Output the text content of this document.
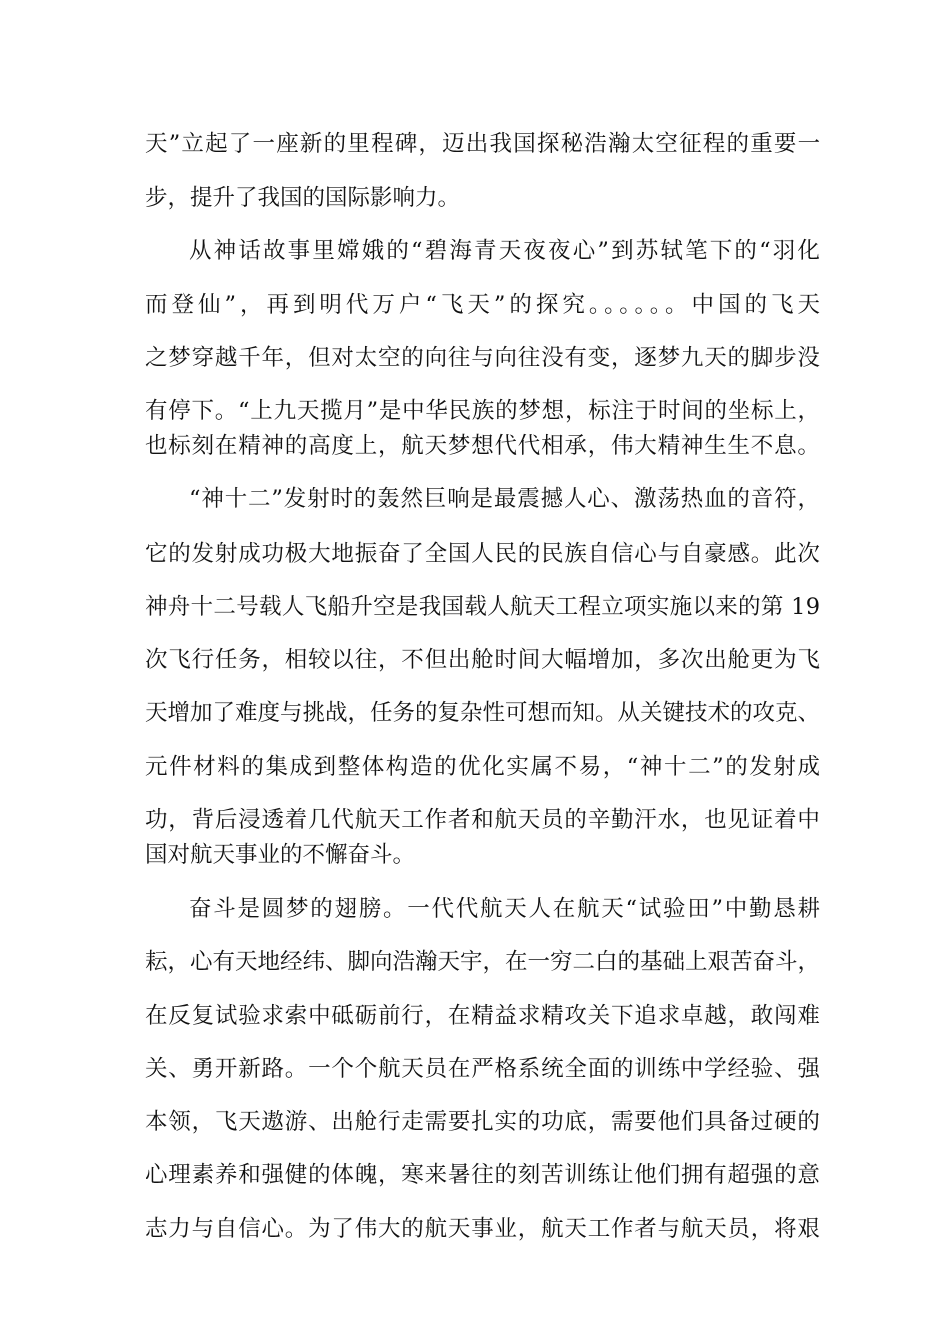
天”立起了一座新的里程碑，迈出我国探秘浩瀚太空征程的重要一
步，提升了我国的国际影响力。
从神话故事里嫦娥的“碧海青天夜夜心”到苏轼笔下的“羽化
而登仙”，再到明代万户“飞天”的探究。。。。。。中国的飞天
之梦穿越千年，但对太空的向往与向往没有变，逐梦九天的脚步没
有停下。“上九天揽月”是中华民族的梦想，标注于时间的坐标上，
也标刻在精神的高度上，航天梦想代代相承，伟大精神生生不息。
“神十二”发射时的轰然巨响是最震撼人心、激荡热血的音符，
它的发射成功极大地振奋了全国人民的民族自信心与自豪感。此次
神舟十二号载人飞船升空是我国载人航天工程立项实施以来的第 19
次飞行任务，相较以往，不但出舱时间大幅增加，多次出舱更为飞
天增加了难度与挑战，任务的复杂性可想而知。从关键技术的攻克、
元件材料的集成到整体构造的优化实属不易，“神十二”的发射成
功，背后浸透着几代航天工作者和航天员的辛勤汗水，也见证着中
国对航天事业的不懈奋斗。
奋斗是圆梦的翅膀。一代代航天人在航天“试验田”中勤恳耕
耘，心有天地经纬、脚向浩瀚天宇，在一穷二白的基础上艰苦奋斗，
在反复试验求索中砥砺前行，在精益求精攻关下追求卓越，敢闯难
关、勇开新路。一个个航天员在严格系统全面的训练中学经验、强
本领，飞天遨游、出舱行走需要扎实的功底，需要他们具备过硬的
心理素养和强健的体魄，寒来暑往的刻苦训练让他们拥有超强的意
志力与自信心。为了伟大的航天事业，航天工作者与航天员，将艰
